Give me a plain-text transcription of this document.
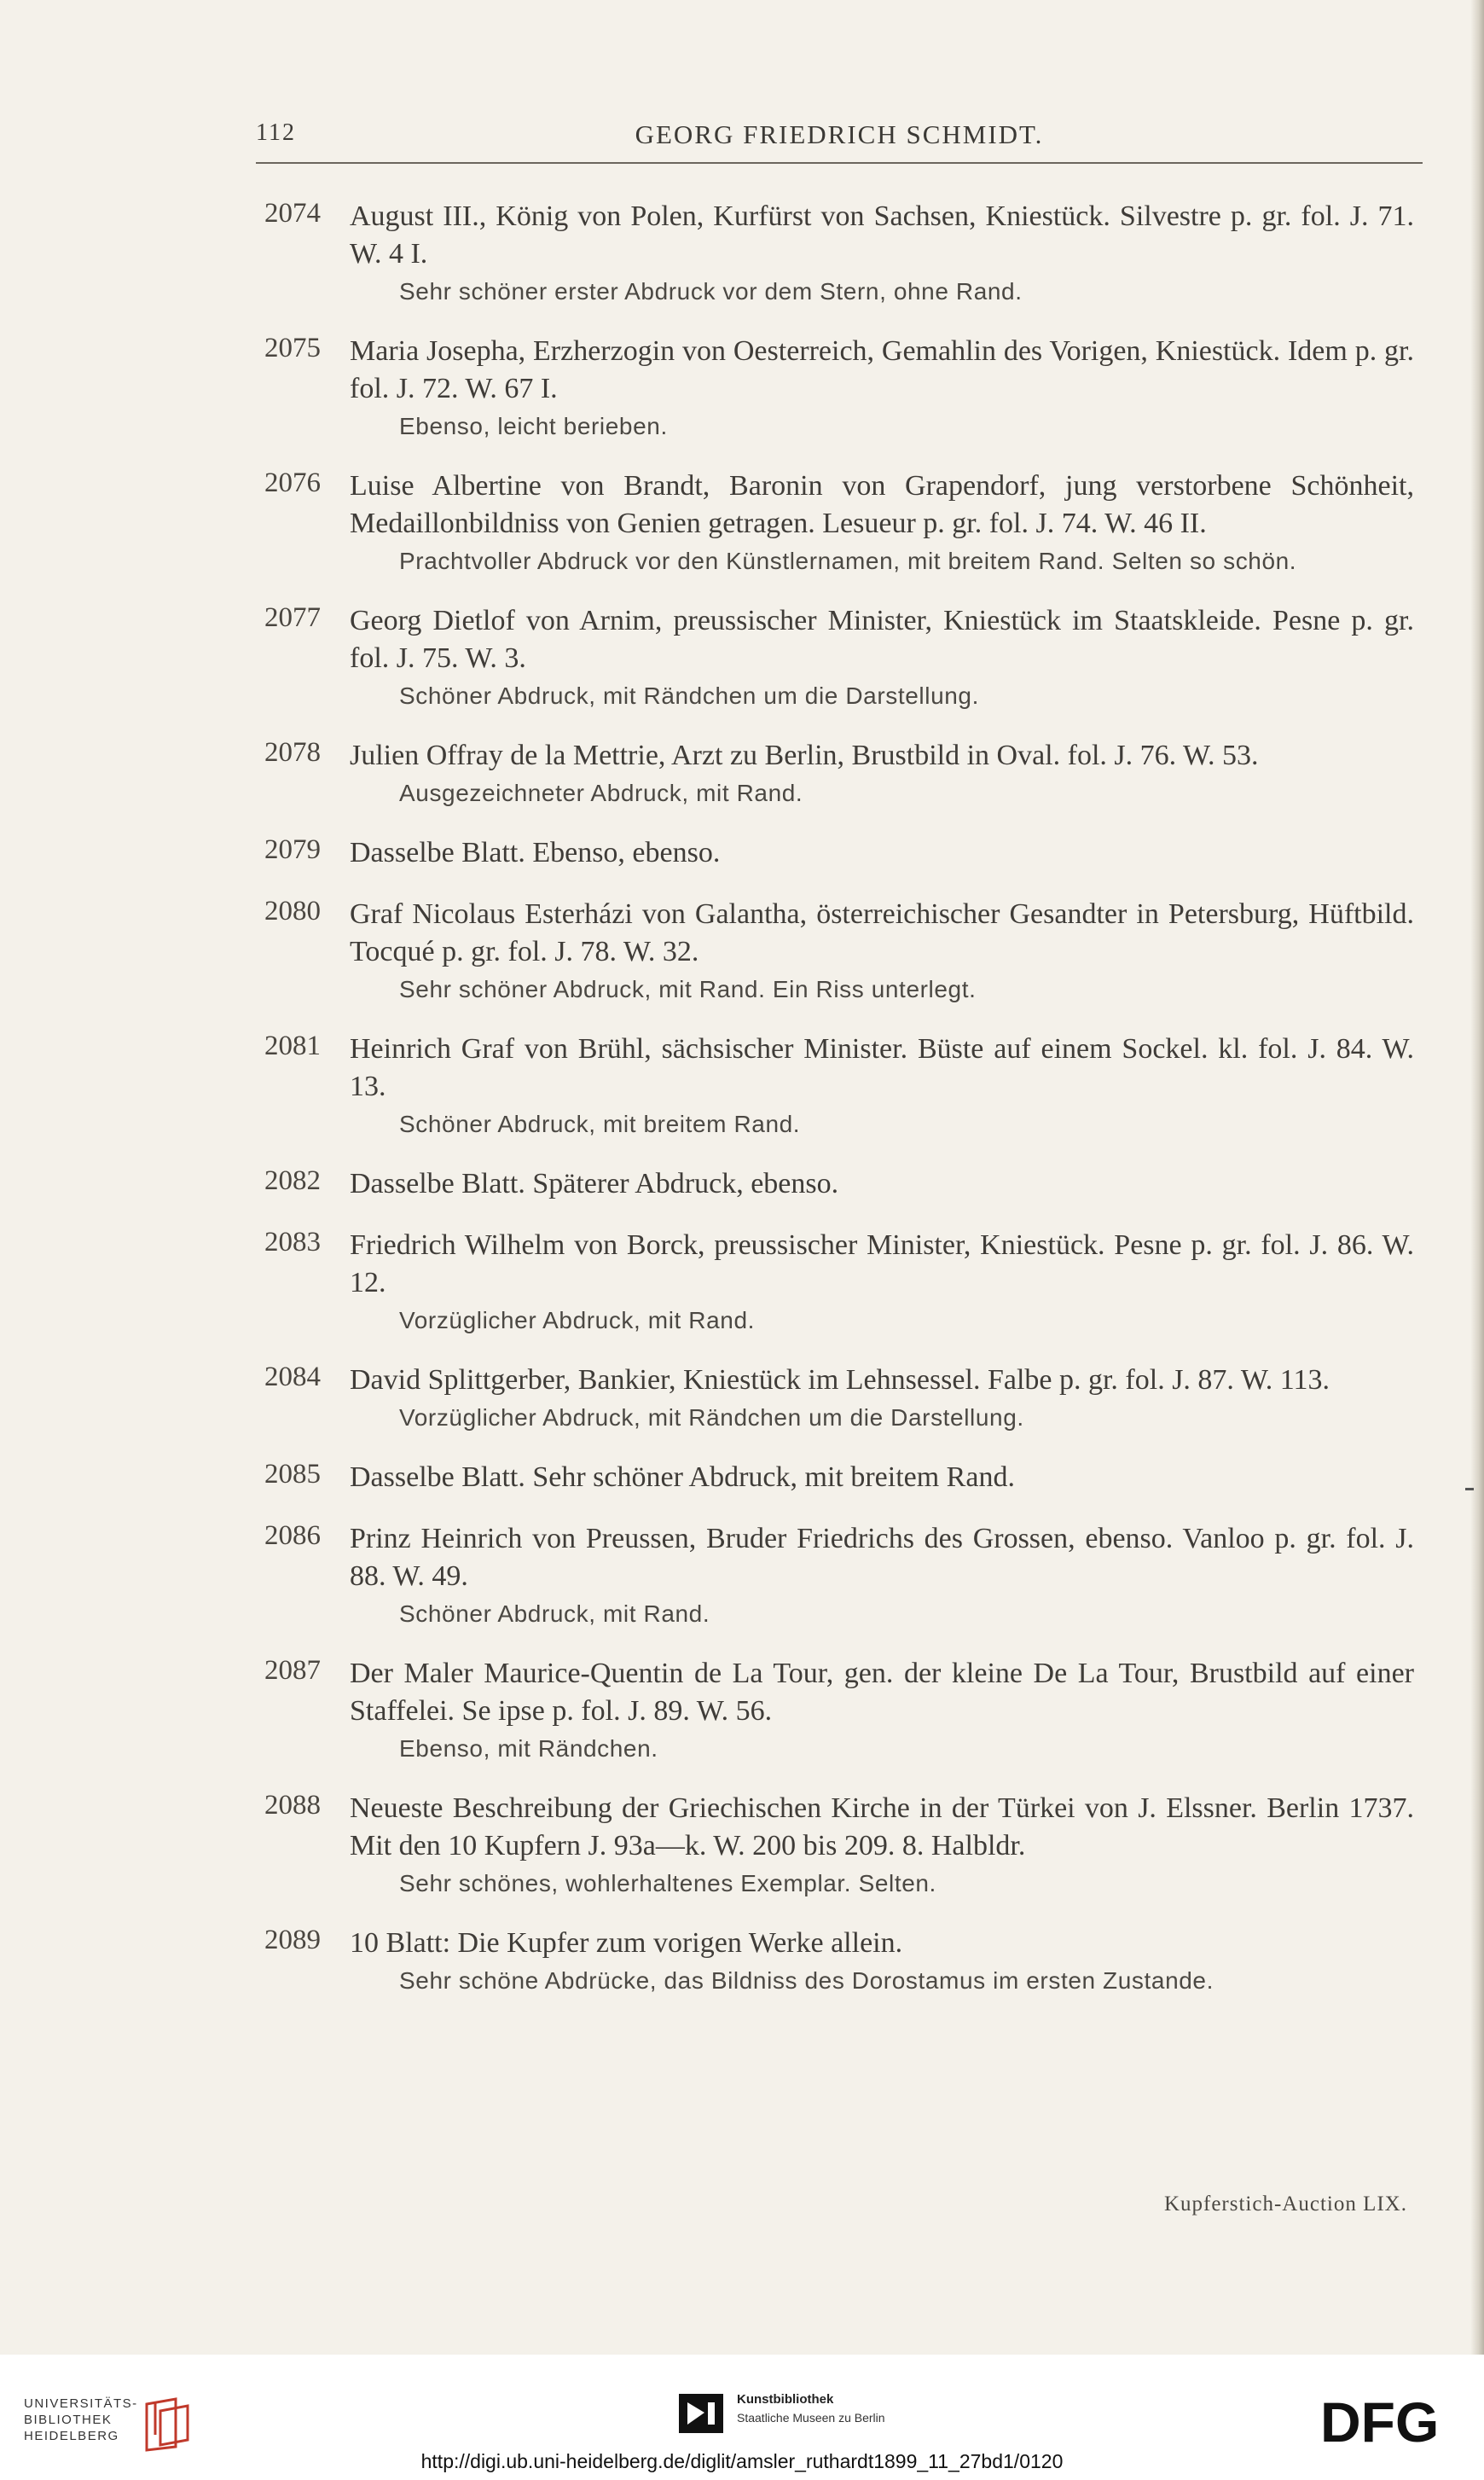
112	GEORG FRIEDRICH SCHMIDT.
2074 August III., König von Polen, Kurfürst von Sachsen, Kniestück. Silvestre p. gr. fol. J. 71. W. 4 I.

Sehr schöner erster Abdruck vor dem Stern, ohne Rand.

2075 Maria Josepha, Erzherzogin von Oesterreich, Gemahlin des Vorigen, Kniestück. Idem p. gr. fol. J. 72. W. 67 I.

Ebenso, leicht berieben.

2076 Luise Albertine von Brandt, Baronin von Grapendorf, jung verstorbene Schönheit, Medaillonbildniss von Genien getragen. Lesueur p. gr. fol. J. 74. W. 46 II.

Prachtvoller Abdruck vor den Künstlernamen, mit breitem Rand. Selten so schön.

2077 Georg Dietlof von Arnim, preussischer Minister, Kniestück im Staatskleide. Pesne p. gr. fol. J. 75. W. 3.

Schöner Abdruck, mit Rändchen um die Darstellung.

2078 Julien Offray de la Mettrie, Arzt zu Berlin, Brustbild in Oval. fol. J. 76. W. 53.

Ausgezeichneter Abdruck, mit Rand.

2079 Dasselbe Blatt. Ebenso, ebenso.

2080 Graf Nicolaus Esterházi von Galantha, österreichischer Gesandter in Petersburg, Hüftbild. Tocqué p. gr. fol. J. 78. W. 32.

Sehr schöner Abdruck, mit Rand. Ein Riss unterlegt.

2081 Heinrich Graf von Brühl, sächsischer Minister. Büste auf einem Sockel. kl. fol. J. 84. W. 13.

Schöner Abdruck, mit breitem Rand.

2082 Dasselbe Blatt. Späterer Abdruck, ebenso.

2083 Friedrich Wilhelm von Borck, preussischer Minister, Kniestück. Pesne p. gr. fol. J. 86. W. 12.

Vorzüglicher Abdruck, mit Rand.

2084 David Splittgerber, Bankier, Kniestück im Lehnsessel. Falbe p. gr. fol. J. 87. W. 113.

Vorzüglicher Abdruck, mit Rändchen um die Darstellung.

2085 Dasselbe Blatt. Sehr schöner Abdruck, mit breitem Rand.

2086 Prinz Heinrich von Preussen, Bruder Friedrichs des Grossen, ebenso. Vanloo p. gr. fol. J. 88. W. 49.

Schöner Abdruck, mit Rand.

2087 Der Maler Maurice-Quentin de La Tour, gen. der kleine De La Tour, Brustbild auf einer Staffelei. Se ipse p. fol. J. 89. W. 56.

Ebenso, mit Rändchen.

2088 Neueste Beschreibung der Griechischen Kirche in der Türkei von J. Elssner. Berlin 1737. Mit den 10 Kupfern J. 93a—k. W. 200 bis 209. 8. Halbldr.

Sehr schönes, wohlerhaltenes Exemplar. Selten.

2089 10 Blatt: Die Kupfer zum vorigen Werke allein.

Sehr schöne Abdrücke, das Bildniss des Dorostamus im ersten Zustande.

Kupferstich-Auction LIX.
UNIVERSITÄTS-
BIBLIOTHEK
HEIDELBERG
Kunstbibliothek
Staatliche Museen zu Berlin	DFG
http://digi.ub.uni-heidelberg.de/diglit/amsler_ruthardt1899_11_27bd1/0120
